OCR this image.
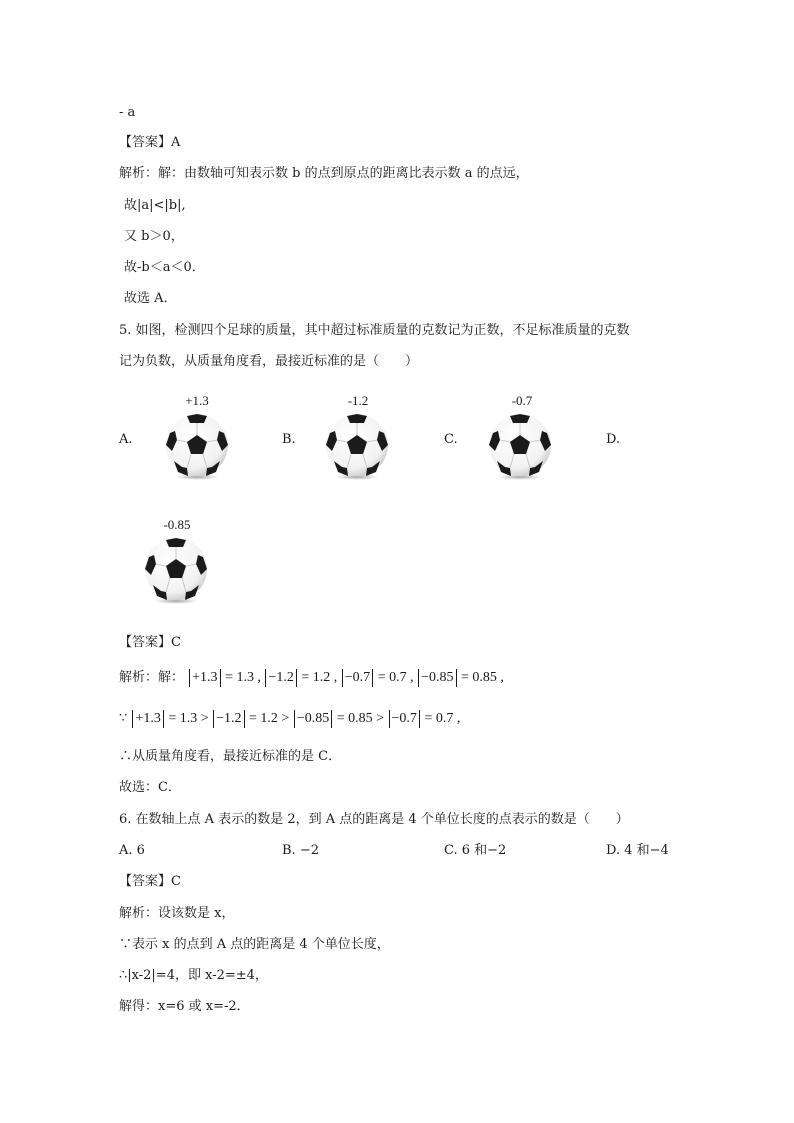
- a
【答案】A
解析：解：由数轴可知表示数 b 的点到原点的距离比表示数 a 的点远，
故|a|<|b|,
又 b＞0，
故-b＜a＜0．
故选 A．
5. 如图，检测四个足球的质量，其中超过标准质量的克数记为正数，不足标准质量的克数
记为负数，从质量角度看，最接近标准的是（　　）
A.
+1.3
B.
-1.2
C.
-0.7
D.
-0.85
【答案】C
解析：解： +1.3 = 1.3 , −1.2 = 1.2 , −0.7 = 0.7 , −0.85 = 0.85 ,
∵ +1.3 = 1.3 > −1.2 = 1.2 > −0.85 = 0.85 > −0.7 = 0.7 ,
∴从质量角度看，最接近标准的是 C．
故选：C．
6. 在数轴上点 A 表示的数是 2，到 A 点的距离是 4 个单位长度的点表示的数是（　　）
A. 6	B. −2	C. 6 和−2	D. 4 和−4
【答案】C
解析：设该数是 x，
∵表示 x 的点到 A 点的距离是 4 个单位长度，
∴|x-2|=4，即 x-2=±4，
解得：x=6 或 x=-2．
